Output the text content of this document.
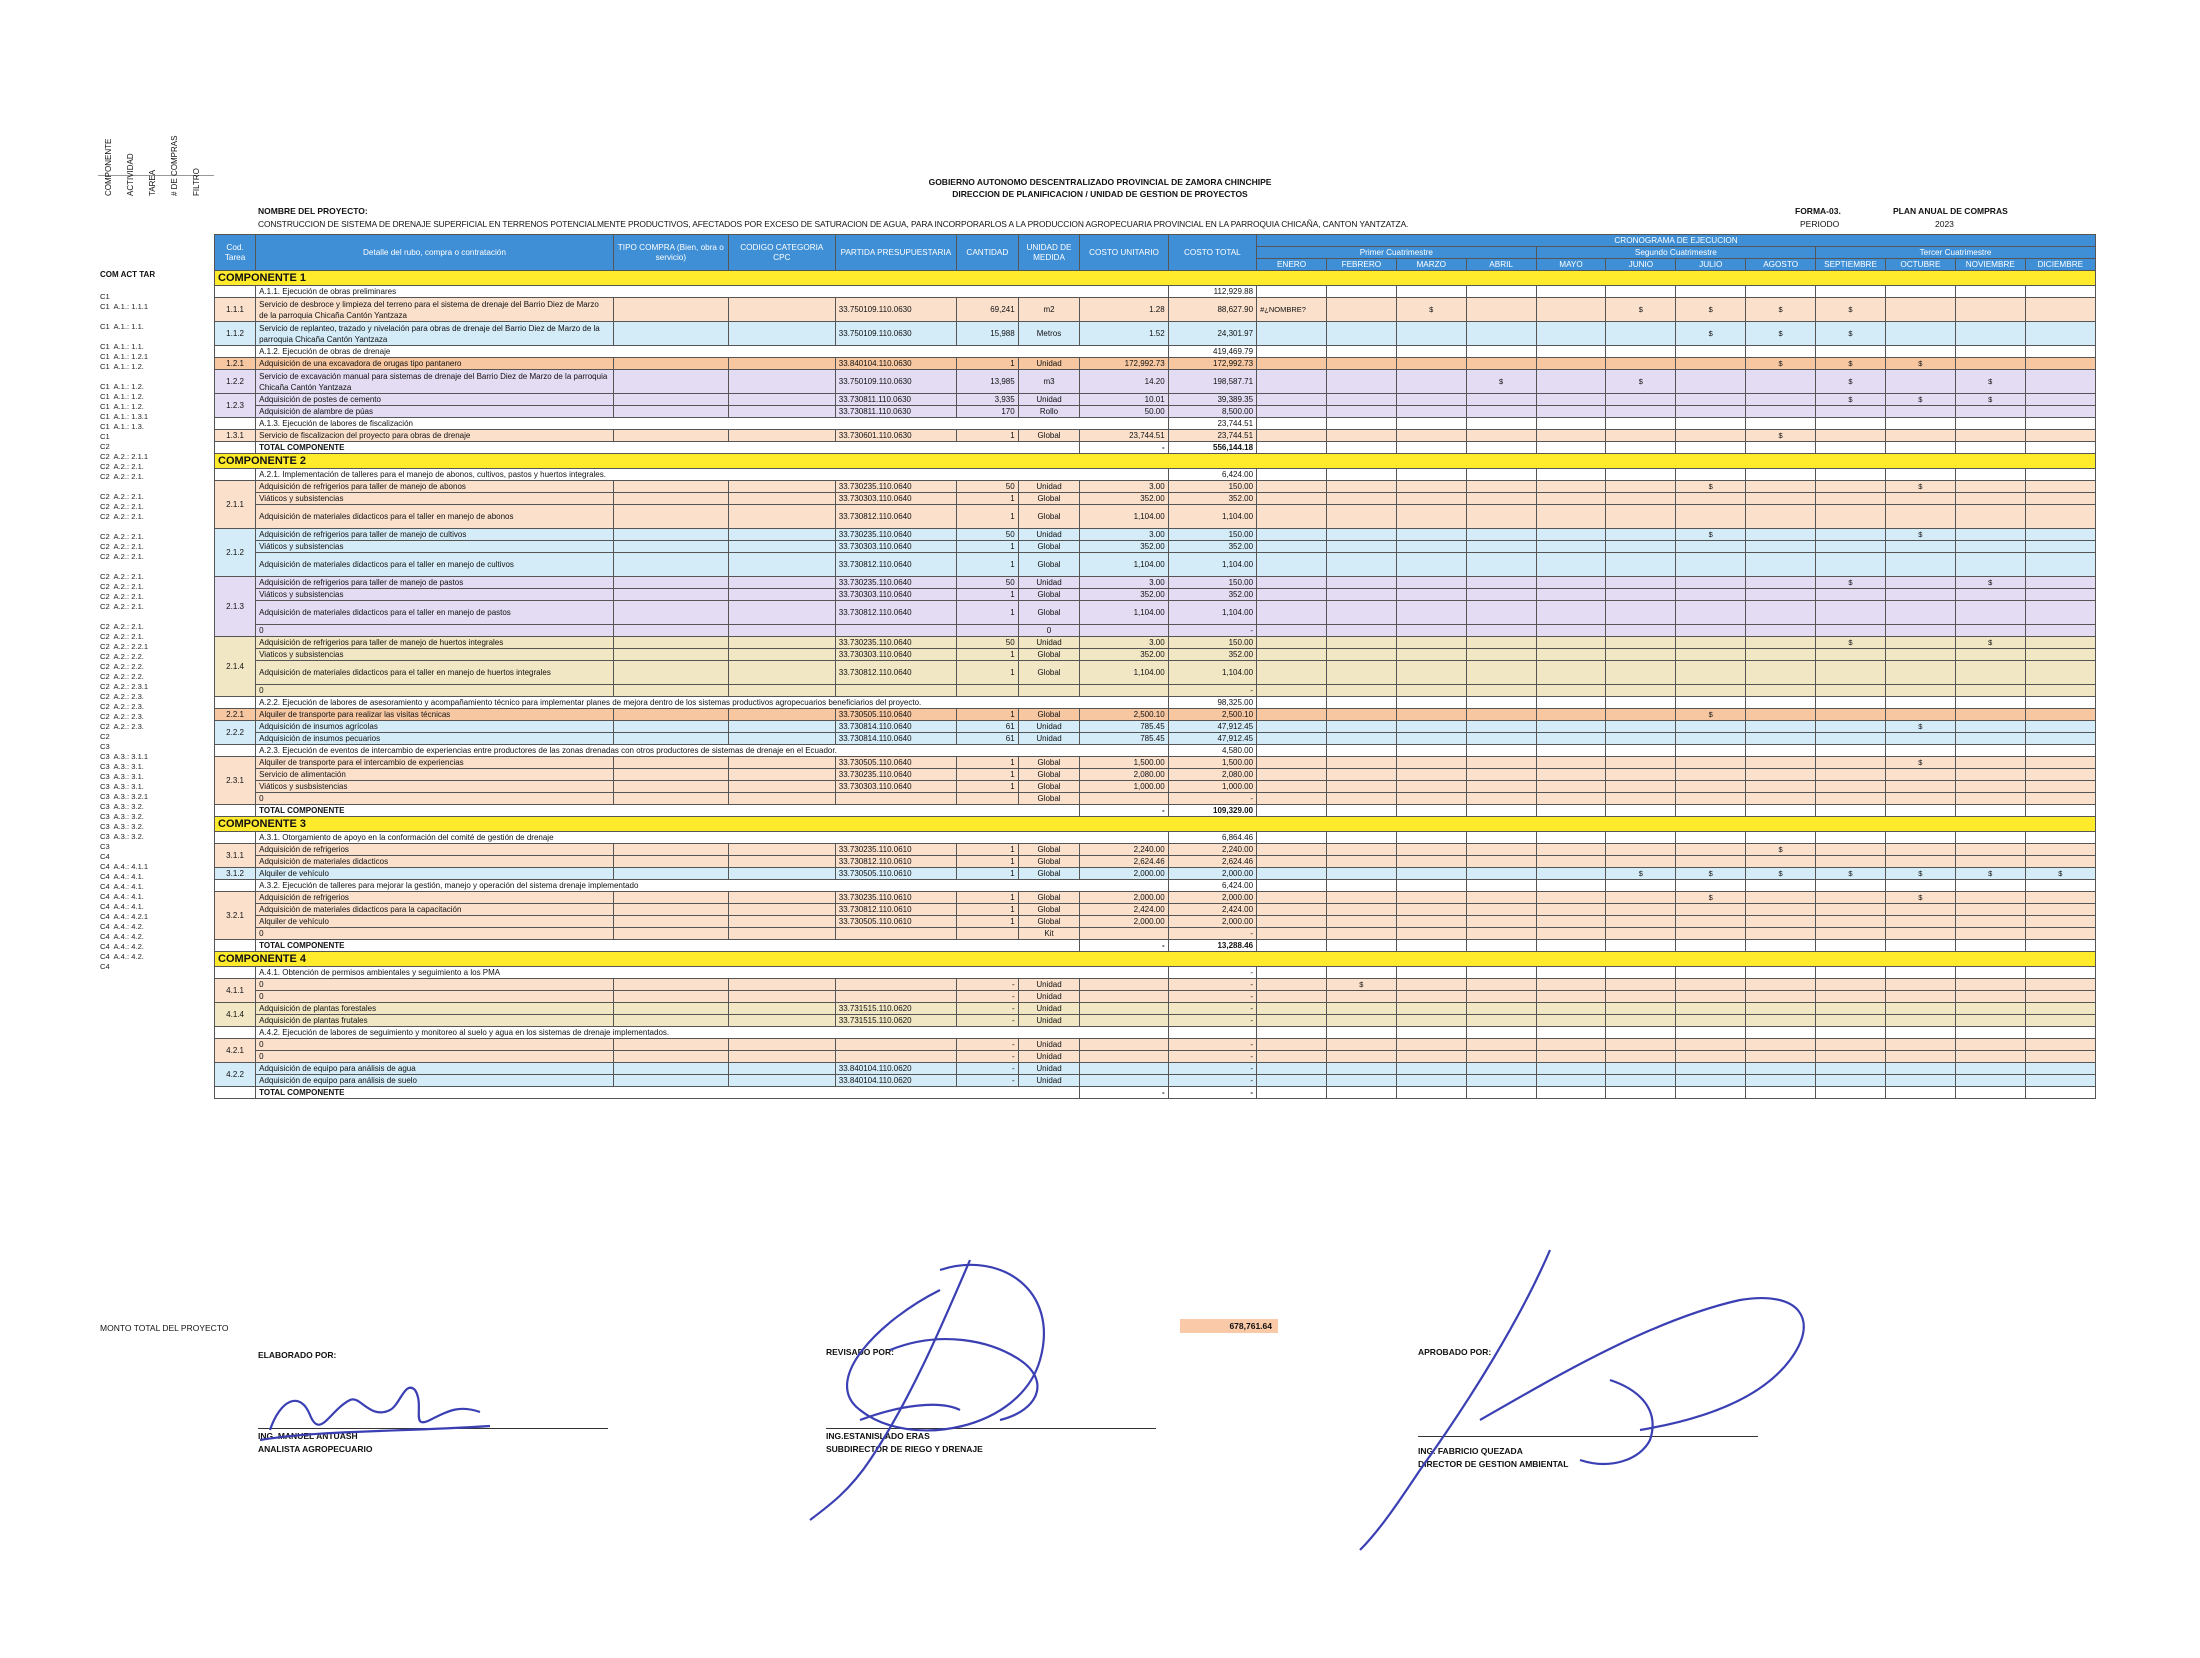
GOBIERNO AUTONOMO DESCENTRALIZADO PROVINCIAL DE ZAMORA CHINCHIPE
DIRECCION DE PLANIFICACION / UNIDAD DE GESTION DE PROYECTOS
NOMBRE DEL PROYECTO:
CONSTRUCCION DE SISTEMA DE DRENAJE SUPERFICIAL EN TERRENOS POTENCIALMENTE PRODUCTIVOS, AFECTADOS POR EXCESO DE SATURACION DE AGUA, PARA INCORPORARLOS A LA PRODUCCION AGROPECUARIA PROVINCIAL EN LA PARROQUIA CHICAÑA, CANTON YANTZATZA.
FORMA-03.	PLAN ANUAL DE COMPRAS
PERIODO	2023
COMPONENTE ACTIVIDAD TAREA # DE COMPRAS FILTRO
COM ACT TAR
C1
C1  A.1.: 1.1.1

C1  A.1.: 1.1.

C1  A.1.: 1.1.
C1  A.1.: 1.2.1
C1  A.1.: 1.2.

C1  A.1.: 1.2.
C1  A.1.: 1.2.
C1  A.1.: 1.2.
C1  A.1.: 1.3.1
C1  A.1.: 1.3.
C1
C2
C2  A.2.: 2.1.1
C2  A.2.: 2.1.
C2  A.2.: 2.1.

C2  A.2.: 2.1.
C2  A.2.: 2.1.
C2  A.2.: 2.1.

C2  A.2.: 2.1.
C2  A.2.: 2.1.
C2  A.2.: 2.1.

C2  A.2.: 2.1.
C2  A.2.: 2.1.
C2  A.2.: 2.1.
C2  A.2.: 2.1.

C2  A.2.: 2.1.
C2  A.2.: 2.1.
C2  A.2.: 2.2.1
C2  A.2.: 2.2.
C2  A.2.: 2.2.
C2  A.2.: 2.2.
C2  A.2.: 2.3.1
C2  A.2.: 2.3.
C2  A.2.: 2.3.
C2  A.2.: 2.3.
C2  A.2.: 2.3.
C2
C3
C3  A.3.: 3.1.1
C3  A.3.: 3.1.
C3  A.3.: 3.1.
C3  A.3.: 3.1.
C3  A.3.: 3.2.1
C3  A.3.: 3.2.
C3  A.3.: 3.2.
C3  A.3.: 3.2.
C3  A.3.: 3.2.
C3
C4
C4  A.4.: 4.1.1
C4  A.4.: 4.1.
C4  A.4.: 4.1.
C4  A.4.: 4.1.
C4  A.4.: 4.1.
C4  A.4.: 4.2.1
C4  A.4.: 4.2.
C4  A.4.: 4.2.
C4  A.4.: 4.2.
C4  A.4.: 4.2.
C4
Cod. Tarea	Detalle del rubo, compra o contratación	TIPO COMPRA (Bien, obra o servicio)	CODIGO CATEGORIA CPC	PARTIDA PRESUPUESTARIA	CANTIDAD	UNIDAD DE MEDIDA	COSTO UNITARIO	COSTO TOTAL	CRONOGRAMA DE EJECUCION											
									Primer Cuatrimestre				Segundo Cuatrimestre				Tercer Cuatrimestre			
									ENERO	FEBRERO	MARZO	ABRIL	MAYO	JUNIO	JULIO	AGOSTO	SEPTIEMBRE	OCTUBRE	NOVIEMBRE	DICIEMBRE
COMPONENTE 1																				
	A.1.1. Ejecución de obras preliminares							112,929.88												
1.1.1	Servicio de desbroce y limpieza del terreno para el sistema de drenaje del Barrio Diez de Marzo de la parroquia Chicaña Cantón Yantzaza			33.750109.110.0630	69,241	m2	1.28	88,627.90	#¿NOMBRE?		$			$	$	$	$			
1.1.2	Servicio de replanteo, trazado y nivelación para obras de drenaje del Barrio Diez de Marzo de la parroquia Chicaña Cantón Yantzaza			33.750109.110.0630	15,988	Metros	1.52	24,301.97							$	$	$			
	A.1.2. Ejecución de obras de drenaje							419,469.79												
1.2.1	Adquisición de una excavadora de orugas tipo pantanero			33.840104.110.0630	1	Unidad	172,992.73	172,992.73								$	$	$		
1.2.2	Servicio de excavación manual para sistemas de drenaje del Barrio Diez de Marzo de la parroquia Chicaña Cantón Yantzaza			33.750109.110.0630	13,985	m3	14.20	198,587.71				$		$			$		$	
1.2.3	Adquisición de postes de cemento			33.730811.110.0630	3,935	Unidad	10.01	39,389.35									$	$	$	
	Adquisición de alambre de púas			33.730811.110.0630	170	Rollo	50.00	8,500.00												
	A.1.3. Ejecución de labores de fiscalización							23,744.51												
1.3.1	Servicio de fiscalizacion del proyecto para obras de drenaje			33.730601.110.0630	1	Global	23,744.51	23,744.51								$				
	TOTAL COMPONENTE						-	556,144.18												
COMPONENTE 2																				
	A.2.1. Implementación de talleres para el manejo de abonos, cultivos, pastos y huertos integrales.							6,424.00												
2.1.1	Adquisición de refrigerios para taller de manejo de abonos			33.730235.110.0640	50	Unidad	3.00	150.00							$			$		
	Viáticos y subsistencias			33.730303.110.0640	1	Global	352.00	352.00												
	Adquisición de materiales didacticos para el taller en manejo de abonos			33.730812.110.0640	1	Global	1,104.00	1,104.00												
2.1.2	Adquisición de refrigerios para taller de manejo de cultivos			33.730235.110.0640	50	Unidad	3.00	150.00							$			$		
	Viáticos y subsistencias			33.730303.110.0640	1	Global	352.00	352.00												
	Adquisición de materiales didacticos para el taller en manejo de cultivos			33.730812.110.0640	1	Global	1,104.00	1,104.00												
2.1.3	Adquisición de refrigerios para taller de manejo de pastos			33.730235.110.0640	50	Unidad	3.00	150.00									$		$	
	Viáticos y subsistencias			33.730303.110.0640	1	Global	352.00	352.00												
	Adquisición de materiales didacticos para el taller en manejo de pastos			33.730812.110.0640	1	Global	1,104.00	1,104.00												
	0					0		-												
2.1.4	Adquisición de refrigerios para taller de manejo de huertos integrales			33.730235.110.0640	50	Unidad	3.00	150.00									$		$	
	Viaticos y subsistencias			33.730303.110.0640	1	Global	352.00	352.00												
	Adquisición de materiales didacticos para el taller en manejo de huertos integrales			33.730812.110.0640	1	Global	1,104.00	1,104.00												
	0							-												
	A.2.2. Ejecución de labores de asesoramiento y acompañamiento técnico para implementar planes de mejora dentro de los sistemas productivos agropecuarios beneficiarios del proyecto.							98,325.00												
2.2.1	Alquiler de transporte para realizar las visitas técnicas			33.730505.110.0640	1	Global	2,500.10	2,500.10							$					
2.2.2	Adquisición de insumos agrícolas			33.730814.110.0640	61	Unidad	785.45	47,912.45										$		
	Adquisición de insumos pecuarios			33.730814.110.0640	61	Unidad	785.45	47,912.45												
	A.2.3. Ejecución de eventos de intercambio de experiencias entre productores de las zonas drenadas con otros productores de sistemas de drenaje en el Ecuador.							4,580.00												
2.3.1	Alquiler de transporte para el intercambio de experiencias			33.730505.110.0640	1	Global	1,500.00	1,500.00										$		
	Servicio de alimentación			33.730235.110.0640	1	Global	2,080.00	2,080.00												
	Viáticos y susbsistencias			33.730303.110.0640	1	Global	1,000.00	1,000.00												
	0					Global		-												
	TOTAL COMPONENTE						-	109,329.00												
COMPONENTE 3																				
	A.3.1. Otorgamiento de apoyo en la conformación del comité de gestión de drenaje							6,864.46												
3.1.1	Adquisición de refrigerios			33.730235.110.0610	1	Global	2,240.00	2,240.00								$				
	Adquisición de materiales didacticos			33.730812.110.0610	1	Global	2,624.46	2,624.46												
3.1.2	Alquiler de vehículo			33.730505.110.0610	1	Global	2,000.00	2,000.00						$	$	$	$	$	$	$
	A.3.2. Ejecución de talleres para mejorar la gestión, manejo y operación del sistema drenaje implementado							6,424.00												
3.2.1	Adquisición de refrigerios			33.730235.110.0610	1	Global	2,000.00	2,000.00							$			$		
	Adquisición de materiales didacticos para la capacitación			33.730812.110.0610	1	Global	2,424.00	2,424.00												
	Alquiler de vehículo			33.730505.110.0610	1	Global	2,000.00	2,000.00												
	0					Kit		-												
	TOTAL COMPONENTE						-	13,288.46												
COMPONENTE 4																				
	A.4.1. Obtención de permisos ambientales y seguimiento a los PMA							-												
4.1.1	0				-	Unidad		-		$										
	0				-	Unidad		-												
4.1.4	Adquisición de plantas forestales			33.731515.110.0620	-	Unidad		-												
	Adquisición de plantas frutales			33.731515.110.0620	-	Unidad		-												
	A.4.2. Ejecución de labores de seguimiento y monitoreo al suelo y agua en los sistemas de drenaje implementados.																			
4.2.1	0				-	Unidad		-												
	0				-	Unidad		-												
4.2.2	Adquisición de equipo para análisis de agua			33.840104.110.0620	-	Unidad		-												
	Adquisición de equipo para análisis de suelo			33.840104.110.0620	-	Unidad		-												
	TOTAL COMPONENTE						-	-												
MONTO TOTAL DEL PROYECTO	678,761.64
ELABORADO POR:
ING. MANUEL ANTUASH
ANALISTA AGROPECUARIO
REVISADO POR:
ING.ESTANISLADO ERAS
SUBDIRECTOR DE RIEGO Y DRENAJE
APROBADO POR:
ING. FABRICIO QUEZADA
DIRECTOR DE GESTION AMBIENTAL
